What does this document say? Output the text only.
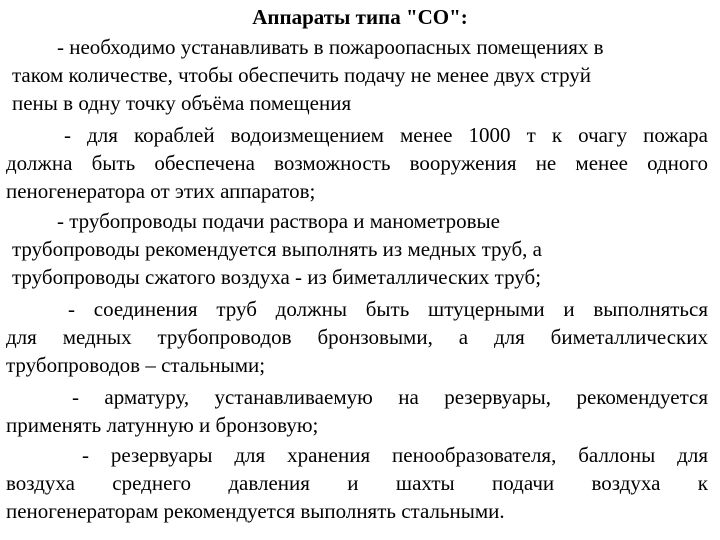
Аппараты типа "СО":
- необходимо устанавливать в пожароопасных помещениях в
таком количестве, чтобы обеспечить подачу не менее двух струй
пены в одну точку объёма помещения
- для кораблей водоизмещением менее 1000 т к очагу пожара
должна быть обеспечена возможность вооружения не менее одного
пеногенератора от этих аппаратов;
- трубопроводы подачи раствора и манометровые
трубопроводы рекомендуется выполнять из медных труб, а
трубопроводы сжатого воздуха - из биметаллических труб;
- соединения труб должны быть штуцерными и выполняться
для медных трубопроводов бронзовыми, а для биметаллических
трубопроводов – стальными;
- арматуру, устанавливаемую на резервуары, рекомендуется
применять латунную и бронзовую;
- резервуары для хранения пенообразователя, баллоны для
воздуха среднего давления и шахты подачи воздуха к
пеногенераторам рекомендуется выполнять стальными.
